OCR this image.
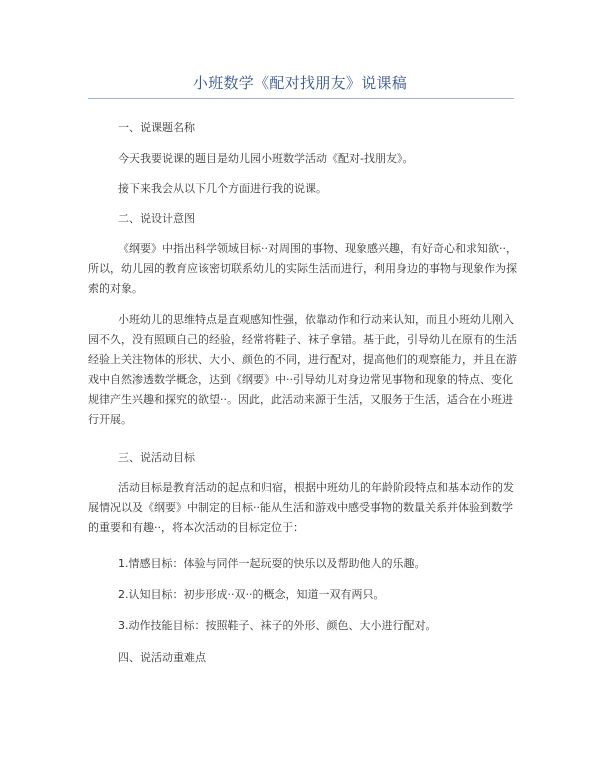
小班数学《配对找朋友》说课稿
一、说课题名称
今天我要说课的题目是幼儿园小班数学活动《配对-找朋友》。
接下来我会从以下几个方面进行我的说课。
二、说设计意图
《纲要》中指出科学领域目标··对周围的事物、现象感兴趣，有好奇心和求知欲··，
所以，幼儿园的教育应该密切联系幼儿的实际生活而进行，利用身边的事物与现象作为探
索的对象。
小班幼儿的思维特点是直观感知性强，依靠动作和行动来认知，而且小班幼儿刚入
园不久，没有照顾自己的经验，经常将鞋子、袜子拿错。基于此，引导幼儿在原有的生活
经验上关注物体的形状、大小、颜色的不同，进行配对，提高他们的观察能力，并且在游
戏中自然渗透数学概念，达到《纲要》中··引导幼儿对身边常见事物和现象的特点、变化
规律产生兴趣和探究的欲望··。因此，此活动来源于生活，又服务于生活，适合在小班进
行开展。
三、说活动目标
活动目标是教育活动的起点和归宿，根据中班幼儿的年龄阶段特点和基本动作的发
展情况以及《纲要》中制定的目标··能从生活和游戏中感受事物的数量关系并体验到数学
的重要和有趣··，将本次活动的目标定位于：
1.情感目标：体验与同伴一起玩耍的快乐以及帮助他人的乐趣。
2.认知目标：初步形成··双··的概念，知道一双有两只。
3.动作技能目标：按照鞋子、袜子的外形、颜色、大小进行配对。
四、说活动重难点
